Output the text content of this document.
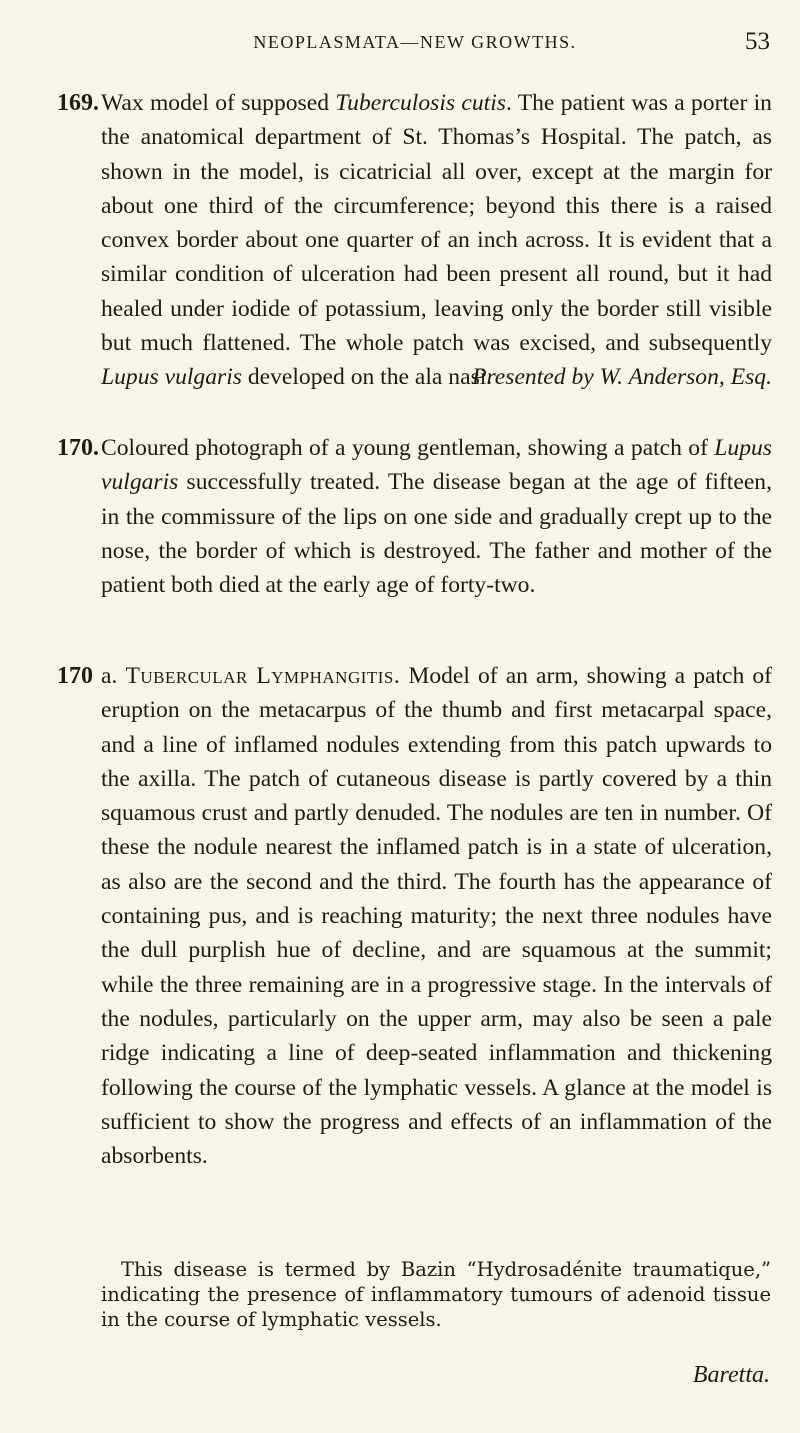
NEOPLASMATA—NEW GROWTHS.	53
169. Wax model of supposed Tuberculosis cutis. The patient was a porter in the anatomical department of St. Thomas’s Hospital. The patch, as shown in the model, is cicatricial all over, except at the margin for about one third of the circumference; beyond this there is a raised convex border about one quarter of an inch across. It is evident that a similar condition of ulceration had been present all round, but it had healed under iodide of potassium, leaving only the border still visible but much flattened. The whole patch was excised, and subsequently Lupus vulgaris developed on the ala nasi.

Presented by W. Anderson, Esq.
170. Coloured photograph of a young gentleman, showing a patch of Lupus vulgaris successfully treated. The disease began at the age of fifteen, in the commissure of the lips on one side and gradually crept up to the nose, the border of which is destroyed. The father and mother of the patient both died at the early age of forty-two.

170 a. Tubercular Lymphangitis. Model of an arm, showing a patch of eruption on the metacarpus of the thumb and first metacarpal space, and a line of inflamed nodules extending from this patch upwards to the axilla. The patch of cutaneous disease is partly covered by a thin squamous crust and partly denuded. The nodules are ten in number. Of these the nodule nearest the inflamed patch is in a state of ulceration, as also are the second and the third. The fourth has the appearance of containing pus, and is reaching maturity; the next three nodules have the dull purplish hue of decline, and are squamous at the summit; while the three remaining are in a progressive stage. In the intervals of the nodules, particularly on the upper arm, may also be seen a pale ridge indicating a line of deep-seated inflammation and thickening following the course of the lymphatic vessels. A glance at the model is sufficient to show the progress and effects of an inflammation of the absorbents.

This disease is termed by Bazin “Hydrosadénite traumatique,” indicating the presence of inflammatory tumours of adenoid tissue in the course of lymphatic vessels.
Baretta.
